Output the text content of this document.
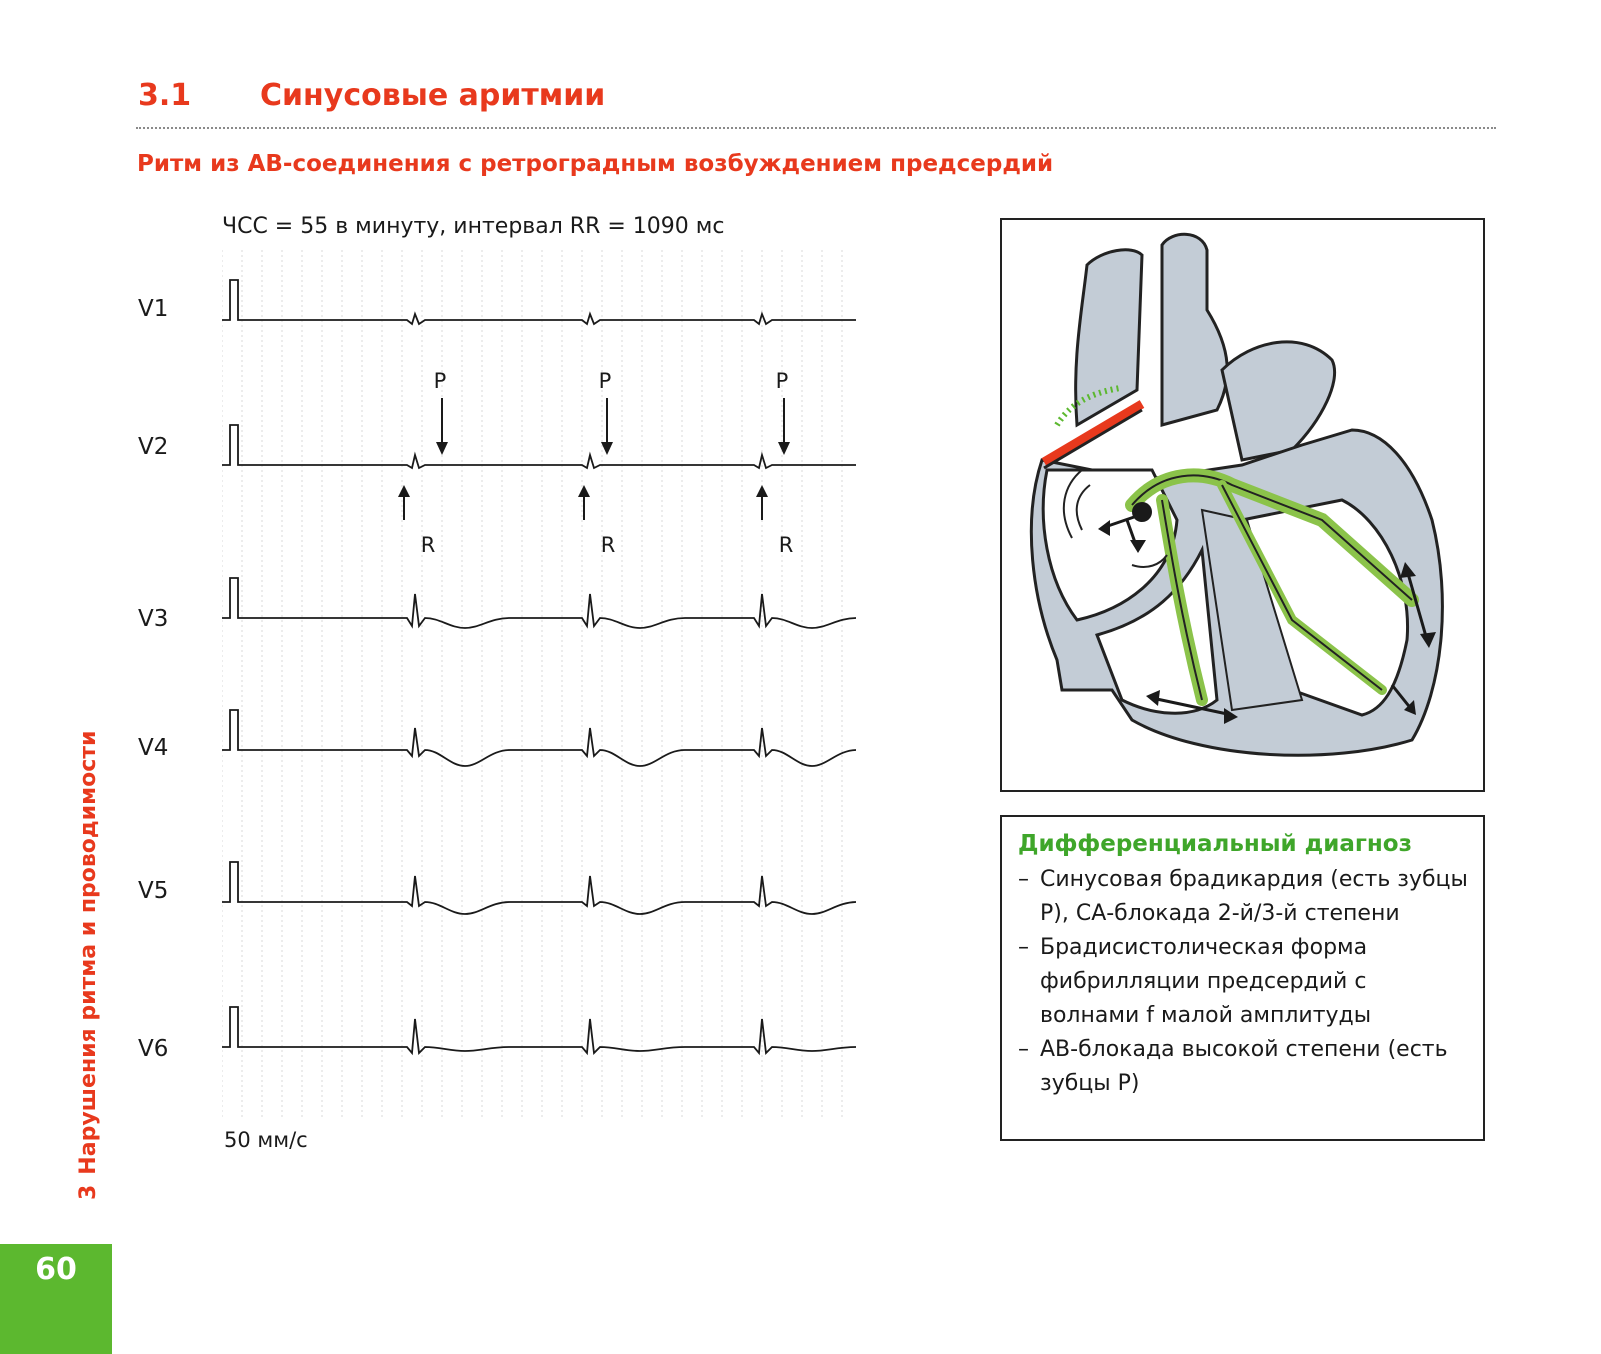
3.1 Синусовые аритмии
Ритм из АВ-соединения с ретроградным возбуждением предсердий
ЧСС = 55 в минуту, интервал RR = 1090 мс
V1
V2
V3
V4
V5
V6
P	P	P
R	R	R
50 мм/с
Дифференциальный диагноз
– Синусовая брадикардия (есть зубцы P), СА-блокада 2-й/3-й степени
– Брадисистолическая форма фибрилляции предсердий с волнами f малой амплитуды
– АВ-блокада высокой степени (есть зубцы P)
3Нарушения ритма и проводимости
60
